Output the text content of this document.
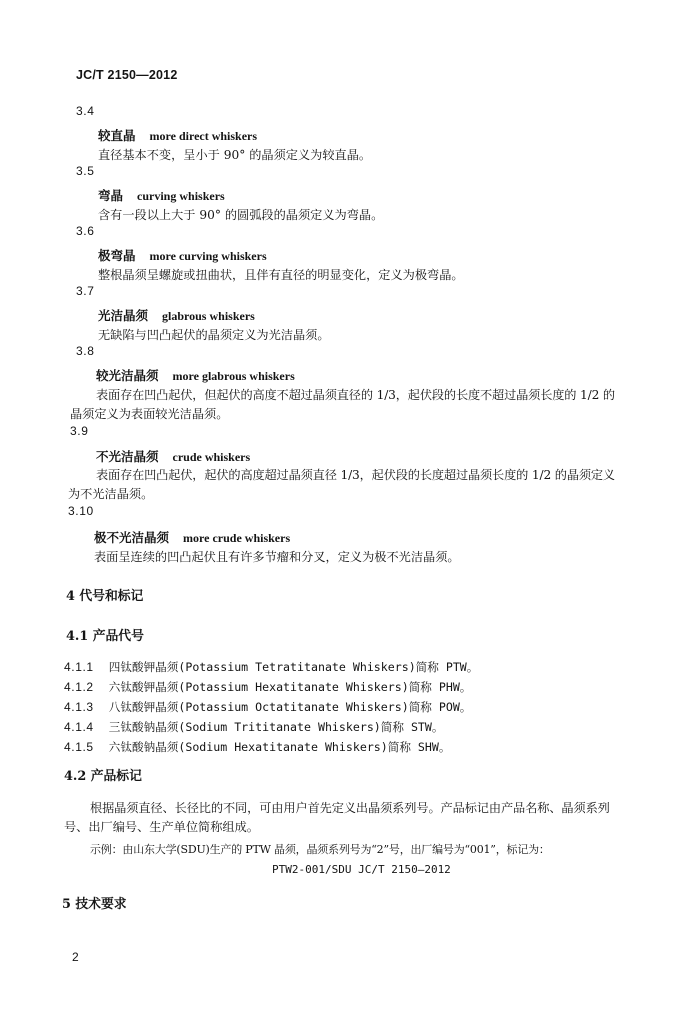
JC/T 2150—2012
3.4
较直晶 more direct whiskers
直径基本不变，呈小于 90° 的晶须定义为较直晶。
3.5
弯晶 curving whiskers
含有一段以上大于 90° 的圆弧段的晶须定义为弯晶。
3.6
极弯晶 more curving whiskers
整根晶须呈螺旋或扭曲状，且伴有直径的明显变化，定义为极弯晶。
3.7
光洁晶须 glabrous whiskers
无缺陷与凹凸起伏的晶须定义为光洁晶须。
3.8
较光洁晶须 more glabrous whiskers
表面存在凹凸起伏，但起伏的高度不超过晶须直径的 1/3，起伏段的长度不超过晶须长度的 1/2 的
晶须定义为表面较光洁晶须。
3.9
不光洁晶须 crude whiskers
表面存在凹凸起伏，起伏的高度超过晶须直径 1/3，起伏段的长度超过晶须长度的 1/2 的晶须定义
为不光洁晶须。
3.10
极不光洁晶须 more crude whiskers
表面呈连续的凹凸起伏且有许多节瘤和分叉，定义为极不光洁晶须。
4 代号和标记
4.1 产品代号
4.1.1 四钛酸钾晶须(Potassium Tetratitanate Whiskers)简称 PTW。
4.1.2 六钛酸钾晶须(Potassium Hexatitanate Whiskers)简称 PHW。
4.1.3 八钛酸钾晶须(Potassium Octatitanate Whiskers)简称 POW。
4.1.4 三钛酸钠晶须(Sodium Trititanate Whiskers)简称 STW。
4.1.5 六钛酸钠晶须(Sodium Hexatitanate Whiskers)简称 SHW。
4.2 产品标记
根据晶须直径、长径比的不同，可由用户首先定义出晶须系列号。产品标记由产品名称、晶须系列
号、出厂编号、生产单位简称组成。
示例：由山东大学(SDU)生产的 PTW 晶须，晶须系列号为“2”号，出厂编号为“001”，标记为：
PTW2-001/SDU JC/T 2150—2012
5 技术要求
2
